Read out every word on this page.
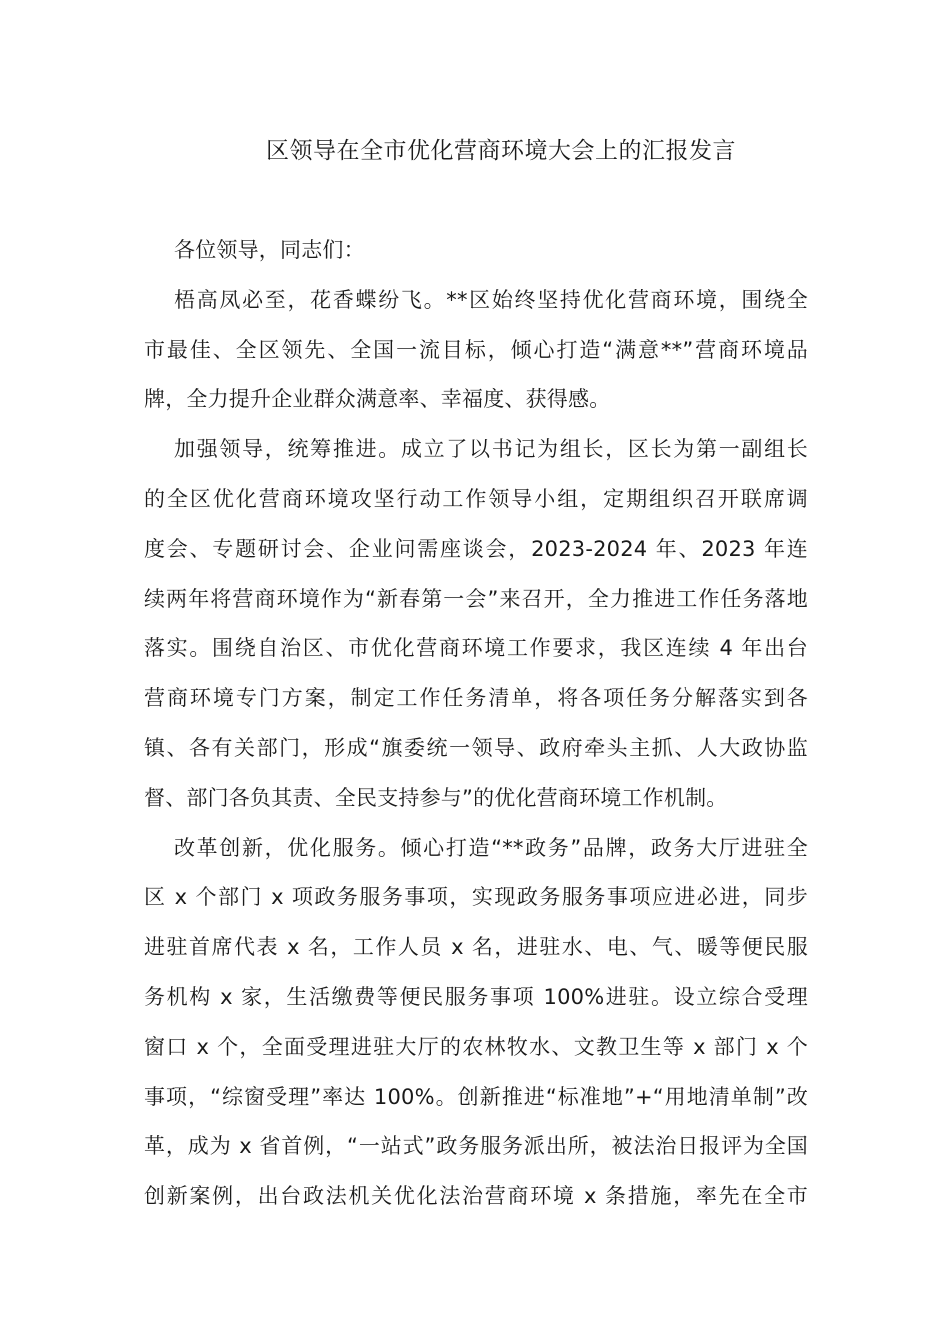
区领导在全市优化营商环境大会上的汇报发言
各位领导，同志们：
梧高凤必至，花香蝶纷飞。**区始终坚持优化营商环境，围绕全
市最佳、全区领先、全国一流目标，倾心打造“满意**”营商环境品
牌，全力提升企业群众满意率、幸福度、获得感。
加强领导，统筹推进。成立了以书记为组长，区长为第一副组长
的全区优化营商环境攻坚行动工作领导小组，定期组织召开联席调
度会、专题研讨会、企业问需座谈会，2023-2024 年、2023 年连
续两年将营商环境作为“新春第一会”来召开，全力推进工作任务落地
落实。围绕自治区、市优化营商环境工作要求，我区连续 4 年出台
营商环境专门方案，制定工作任务清单，将各项任务分解落实到各
镇、各有关部门，形成“旗委统一领导、政府牵头主抓、人大政协监
督、部门各负其责、全民支持参与”的优化营商环境工作机制。
改革创新，优化服务。倾心打造“**政务”品牌，政务大厅进驻全
区 x 个部门 x 项政务服务事项，实现政务服务事项应进必进，同步
进驻首席代表 x 名，工作人员 x 名，进驻水、电、气、暖等便民服
务机构 x 家，生活缴费等便民服务事项 100%进驻。设立综合受理
窗口 x 个，全面受理进驻大厅的农林牧水、文教卫生等 x 部门 x 个
事项，“综窗受理”率达 100%。创新推进“标准地”+“用地清单制”改
革，成为 x 省首例，“一站式”政务服务派出所，被法治日报评为全国
创新案例，出台政法机关优化法治营商环境 x 条措施，率先在全市
